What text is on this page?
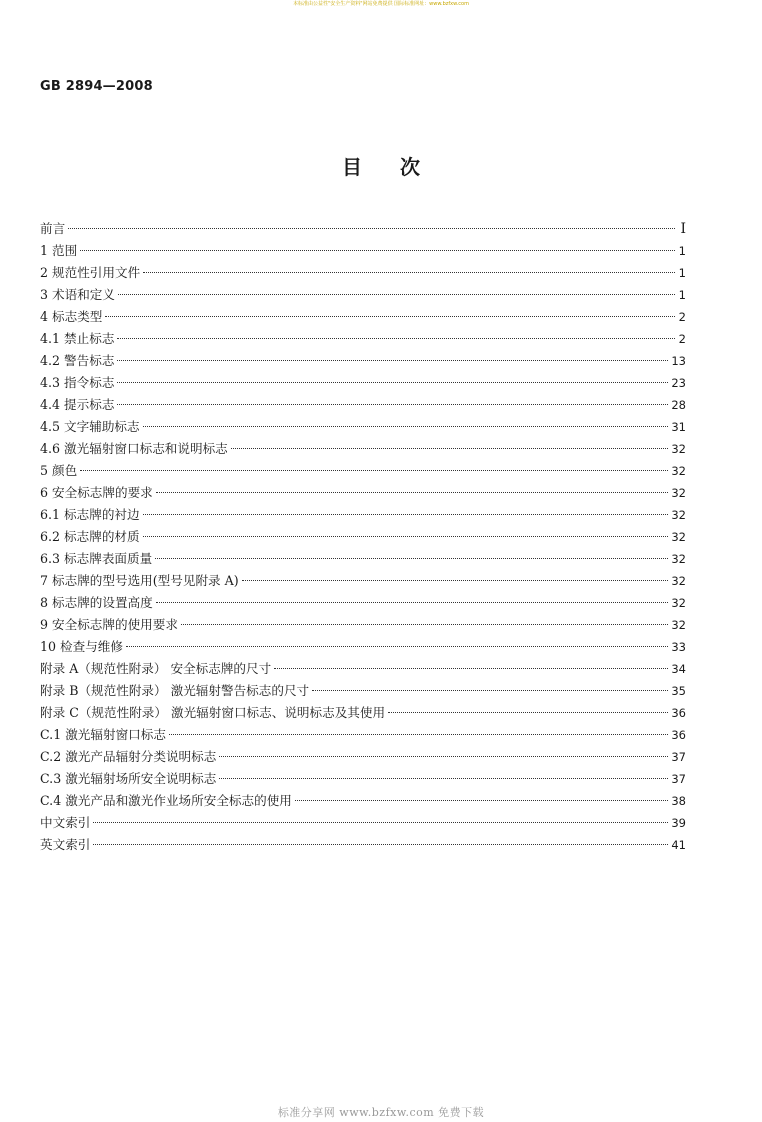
本标准由公益性"安全生产资料"网站免费提供 国际标准网址：www.bzfxw.com
GB 2894—2008
目次
前言	I
1 范围	1
2 规范性引用文件	1
3 术语和定义	1
4 标志类型	2
4.1 禁止标志	2
4.2 警告标志	13
4.3 指令标志	23
4.4 提示标志	28
4.5 文字辅助标志	31
4.6 激光辐射窗口标志和说明标志	32
5 颜色	32
6 安全标志牌的要求	32
6.1 标志牌的衬边	32
6.2 标志牌的材质	32
6.3 标志牌表面质量	32
7 标志牌的型号选用(型号见附录 A)	32
8 标志牌的设置高度	32
9 安全标志牌的使用要求	32
10 检查与维修	33
附录 A（规范性附录） 安全标志牌的尺寸	34
附录 B（规范性附录） 激光辐射警告标志的尺寸	35
附录 C（规范性附录） 激光辐射窗口标志、说明标志及其使用	36
C.1 激光辐射窗口标志	36
C.2 激光产品辐射分类说明标志	37
C.3 激光辐射场所安全说明标志	37
C.4 激光产品和激光作业场所安全标志的使用	38
中文索引	39
英文索引	41
标准分享网 www.bzfxw.com 免费下载
